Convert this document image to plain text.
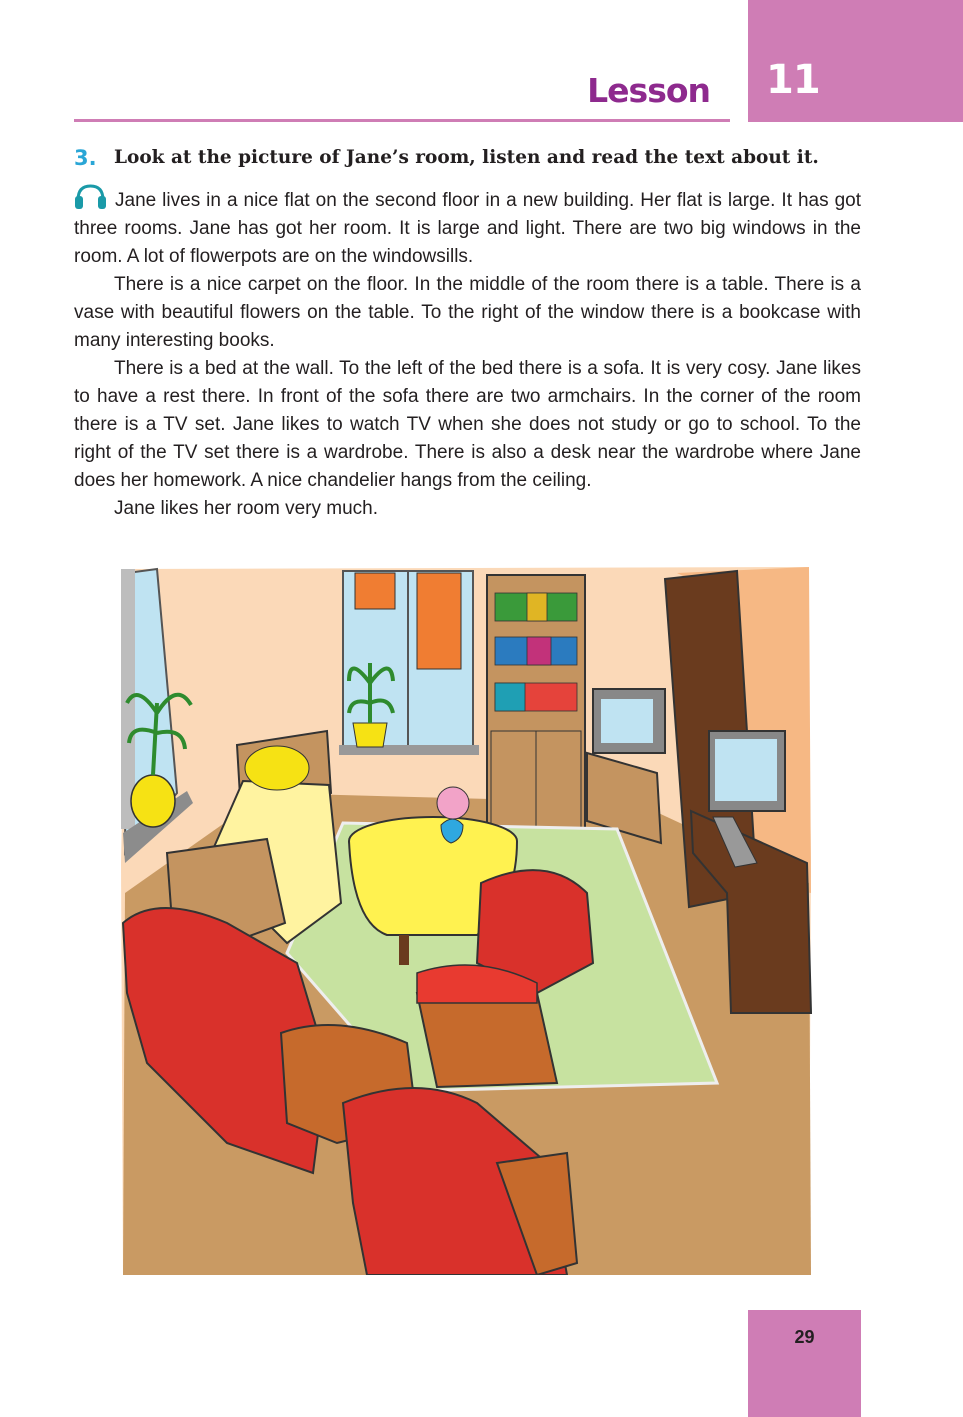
11
Lesson
3. Look at the picture of Jane’s room, listen and read the text about it.

Jane lives in a nice flat on the second floor in a new building. Her flat is large. It has got three rooms. Jane has got her room. It is large and light. There are two big windows in the room. A lot of flowerpots are on the windowsills.

There is a nice carpet on the floor. In the middle of the room there is a table. There is a vase with beautiful flowers on the table. To the right of the window there is a bookcase with many interesting books.

There is a bed at the wall. To the left of the bed there is a sofa. It is very cosy. Jane likes to have a rest there. In front of the sofa there are two armchairs. In the corner of the room there is a TV set. Jane likes to watch TV when she does not study or go to school. To the right of the TV set there is a wardrobe. There is also a desk near the wardrobe where Jane does her homework. A nice chandelier hangs from the ceiling.

Jane likes her room very much.

29
